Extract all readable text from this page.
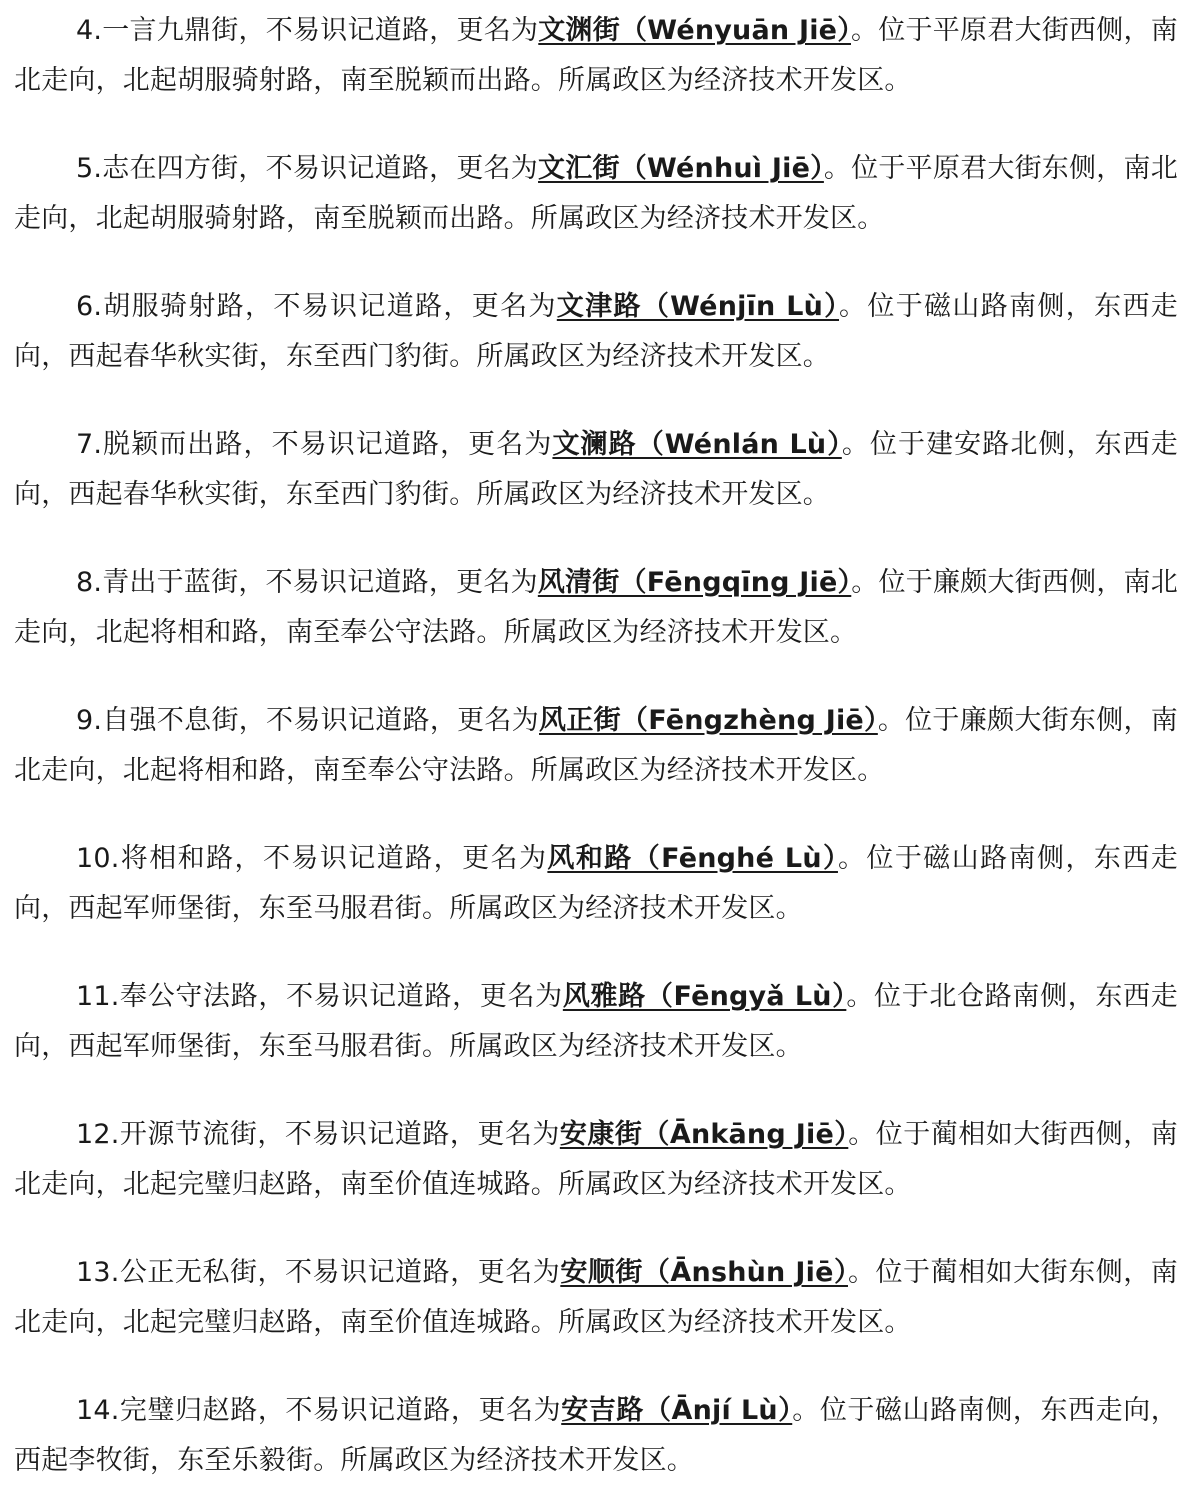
4.一言九鼎街，不易识记道路，更名为文渊街（Wényuān Jiē）。位于平原君大街西侧，南北走向，北起胡服骑射路，南至脱颖而出路。所属政区为经济技术开发区。

5.志在四方街，不易识记道路，更名为文汇街（Wénhuì Jiē）。位于平原君大街东侧，南北走向，北起胡服骑射路，南至脱颖而出路。所属政区为经济技术开发区。

6.胡服骑射路，不易识记道路，更名为文津路（Wénjīn Lù）。位于磁山路南侧，东西走向，西起春华秋实街，东至西门豹街。所属政区为经济技术开发区。

7.脱颖而出路，不易识记道路，更名为文澜路（Wénlán Lù）。位于建安路北侧，东西走向，西起春华秋实街，东至西门豹街。所属政区为经济技术开发区。

8.青出于蓝街，不易识记道路，更名为风清街（Fēngqīng Jiē）。位于廉颇大街西侧，南北走向，北起将相和路，南至奉公守法路。所属政区为经济技术开发区。

9.自强不息街，不易识记道路，更名为风正街（Fēngzhèng Jiē）。位于廉颇大街东侧，南北走向，北起将相和路，南至奉公守法路。所属政区为经济技术开发区。

10.将相和路，不易识记道路，更名为风和路（Fēnghé Lù）。位于磁山路南侧，东西走向，西起军师堡街，东至马服君街。所属政区为经济技术开发区。

11.奉公守法路，不易识记道路，更名为风雅路（Fēngyǎ Lù）。位于北仓路南侧，东西走向，西起军师堡街，东至马服君街。所属政区为经济技术开发区。

12.开源节流街，不易识记道路，更名为安康街（Ānkāng Jiē）。位于蔺相如大街西侧，南北走向，北起完璧归赵路，南至价值连城路。所属政区为经济技术开发区。

13.公正无私街，不易识记道路，更名为安顺街（Ānshùn Jiē）。位于蔺相如大街东侧，南北走向，北起完璧归赵路，南至价值连城路。所属政区为经济技术开发区。

14.完璧归赵路，不易识记道路，更名为安吉路（Ānjí Lù）。位于磁山路南侧，东西走向，西起李牧街，东至乐毅街。所属政区为经济技术开发区。
